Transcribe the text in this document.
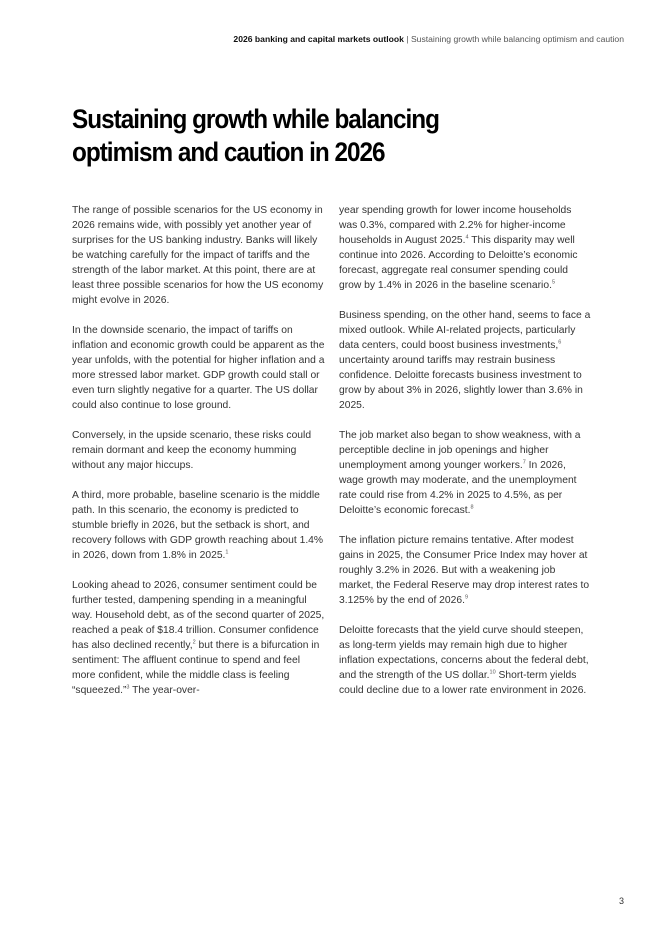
2026 banking and capital markets outlook | Sustaining growth while balancing optimism and caution
Sustaining growth while balancing optimism and caution in 2026

The range of possible scenarios for the US economy in 2026 remains wide, with possibly yet another year of surprises for the US banking industry. Banks will likely be watching carefully for the impact of tariffs and the strength of the labor market. At this point, there are at least three possible scenarios for how the US economy might evolve in 2026.

In the downside scenario, the impact of tariffs on inflation and economic growth could be apparent as the year unfolds, with the potential for higher inflation and a more stressed labor market. GDP growth could stall or even turn slightly negative for a quarter. The US dollar could also continue to lose ground.

Conversely, in the upside scenario, these risks could remain dormant and keep the economy humming without any major hiccups.

A third, more probable, baseline scenario is the middle path. In this scenario, the economy is predicted to stumble briefly in 2026, but the setback is short, and recovery follows with GDP growth reaching about 1.4% in 2026, down from 1.8% in 2025.$^1$

Looking ahead to 2026, consumer sentiment could be further tested, dampening spending in a meaningful way. Household debt, as of the second quarter of 2025, reached a peak of $18.4 trillion. Consumer confidence has also declined recently,$^2$ but there is a bifurcation in sentiment: The affluent continue to spend and feel more confident, while the middle class is feeling “squeezed.”$^3$ The year-over-

year spending growth for lower income households was 0.3%, compared with 2.2% for higher-income households in August 2025.$^4$ This disparity may well continue into 2026. According to Deloitte’s economic forecast, aggregate real consumer spending could grow by 1.4% in 2026 in the baseline scenario.$^5$

Business spending, on the other hand, seems to face a mixed outlook. While AI-related projects, particularly data centers, could boost business investments,$^6$ uncertainty around tariffs may restrain business confidence. Deloitte forecasts business investment to grow by about 3% in 2026, slightly lower than 3.6% in 2025.

The job market also began to show weakness, with a perceptible decline in job openings and higher unemployment among younger workers.$^7$ In 2026, wage growth may moderate, and the unemployment rate could rise from 4.2% in 2025 to 4.5%, as per Deloitte’s economic forecast.$^8$

The inflation picture remains tentative. After modest gains in 2025, the Consumer Price Index may hover at roughly 3.2% in 2026. But with a weakening job market, the Federal Reserve may drop interest rates to 3.125% by the end of 2026.$^9$

Deloitte forecasts that the yield curve should steepen, as long-term yields may remain high due to higher inflation expectations, concerns about the federal debt, and the strength of the US dollar.$^{10}$ Short-term yields could decline due to a lower rate environment in 2026.

3
